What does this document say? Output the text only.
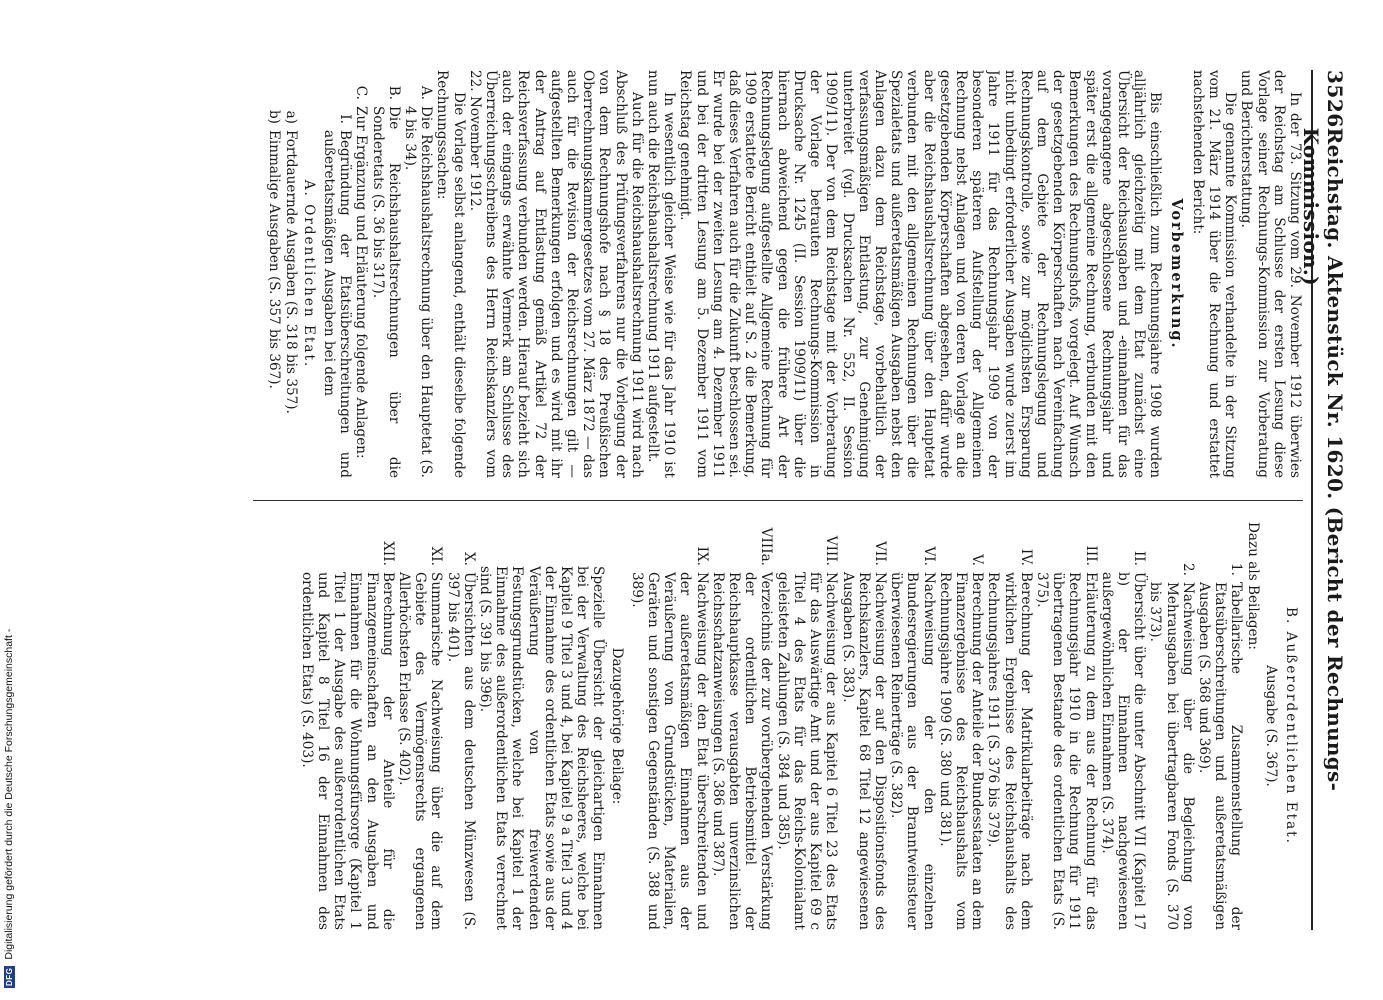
3526
Reichstag. Aktenstück Nr. 1620. (Bericht der Rechnungs-Kommission.)

In der 73. Sitzung vom 29. November 1912 überwies der Reichstag am Schlusse der ersten Lesung diese Vorlage seiner Rechnungs-Kommission zur Vorberatung und Berichterstattung.

Die genannte Kommission verhandelte in der Sitzung vom 21. März 1914 über die Rechnung und erstattet nachstehenden Bericht:

Vorbemerkung.

Bis einschließlich zum Rechnungsjahre 1908 wurden alljährlich gleichzeitig mit dem Etat zunächst eine Übersicht der Reichsausgaben und -einnahmen für das vorangegangene abgeschlossene Rechnungsjahr und später erst die allgemeine Rechnung, verbunden mit den Bemerkungen des Rechnungshofs, vorgelegt. Auf Wunsch der gesetzgebenden Körperschaften nach Vereinfachung auf dem Gebiete der Rechnungslegung und Rechnungskontrolle, sowie zur möglichsten Ersparung nicht unbedingt erforderlicher Ausgaben wurde zuerst im Jahre 1911 für das Rechnungsjahr 1909 von der besonderen späteren Aufstellung der Allgemeinen Rechnung nebst Anlagen und von deren Vorlage an die gesetzgebenden Körperschaften abgesehen, dafür wurde aber die Reichshaushaltsrechnung über den Hauptetat verbunden mit den allgemeinen Rechnungen über die Spezialetats und außeretatsmäßigen Ausgaben nebst den Anlagen dazu dem Reichstage, vorbehaltlich der verfassungsmäßigen Entlastung, zur Genehmigung unterbreitet (vgl. Drucksachen Nr. 552, II. Session 1909/11). Der von dem Reichstage mit der Vorberatung der Vorlage betrauten Rechnungs-Kommission in Drucksache Nr. 1245 (II. Session 1909/11) über die hiernach abweichend gegen die frühere Art der Rechnungslegung aufgestellte Allgemeine Rechnung für 1909 erstattete Bericht enthielt auf S. 2 die Bemerkung, daß dieses Verfahren auch für die Zukunft beschlossen sei. Er wurde bei der zweiten Lesung am 4. Dezember 1911 und bei der dritten Lesung am 5. Dezember 1911 vom Reichstag genehmigt.

In wesentlich gleicher Weise wie für das Jahr 1910 ist nun auch die Reichshaushaltsrechnung 1911 aufgestellt.

Auch für die Reichshaushaltsrechnung 1911 wird nach Abschluß des Prüfungsverfahrens nur die Vorlegung der von dem Rechnungshofe nach § 18 des Preußischen Oberrechnungskammergesetzes vom 27. März 1872 — das auch für die Revision der Reichsrechnungen gilt — aufgestellten Bemerkungen erfolgen und es wird mit ihr der Antrag auf Entlastung gemäß Artikel 72 der Reichsverfassung verbunden werden. Hierauf bezieht sich auch der eingangs erwähnte Vermerk am Schlusse des Überreichungsschreibens des Herrn Reichskanzlers vom 22. November 1912.

Die Vorlage selbst anlangend, enthält dieselbe folgende Rechnungssachen:

A.
Die Reichshaushaltsrechnung über den Hauptetat (S. 4 bis 34).
B.
Die Reichshaushaltsrechnungen über die Sonderetats (S. 36 bis 317).
C.
Zur Ergänzung und Erläuterung folgende Anlagen:
I.
Begründung der Etatsüberschreitungen und außeretatsmäßigen Ausgaben bei dem

A. Ordentlichen Etat.

a)
Fortdauernde Ausgaben (S. 318 bis 357).
b)
Einmalige Ausgaben (S. 357 bis 367).

B. Außerordentlichen Etat.

Ausgabe (S. 367).

Dazu als Beilagen:

1.
Tabellarische Zusammenstellung der Etatsüberschreitungen und außeretatsmäßigen Ausgaben (S. 368 und 369).
2.
Nachweisung über die Begleichung von Mehrausgaben bei übertragbaren Fonds (S. 370 bis 373).
II.
Übersicht über die unter Abschnitt VII (Kapitel 17 b) der Einnahmen nachgewiesenen außergewöhnlichen Einnahmen (S. 374).
III.
Erläuterung zu dem aus der Rechnung für das Rechnungsjahr 1910 in die Rechnung für 1911 übertragenen Bestande des ordentlichen Etats (S. 375).
IV.
Berechnung der Matrikularbeiträge nach dem wirklichen Ergebnisse des Reichshaushalts des Rechnungsjahres 1911 (S. 376 bis 379).
V.
Berechnung der Anteile der Bundesstaaten an dem Finanzergebnisse des Reichshaushalts vom Rechnungsjahre 1909 (S. 380 und 381).
VI.
Nachweisung der den einzelnen Bundesregierungen aus der Branntweinsteuer überwiesenen Reinerträge (S. 382).
VII.
Nachweisung der auf den Dispositionsfonds des Reichskanzlers, Kapitel 68 Titel 12 angewiesenen Ausgaben (S. 383).
VIII.
Nachweisung der aus Kapitel 6 Titel 23 des Etats für das Auswärtige Amt und der aus Kapitel 69 c Titel 4 des Etats für das Reichs-Kolonialamt geleisteten Zahlungen (S. 384 und 385).
VIIIa.
Verzeichnis der zur vorübergehenden Verstärkung der ordentlichen Betriebsmittel der Reichshauptkasse verausgabten unverzinslichen Reichsschatzanweisungen (S. 386 und 387).
IX.
Nachweisung der den Etat überschreitenden und der außeretatsmäßigen Einnahmen aus der Veräußerung von Grundstücken, Materialien, Geräten und sonstigen Gegenständen (S. 388 und 389).

Dazugehörige Beilage:

Spezielle Übersicht der gleichartigen Einnahmen bei der Verwaltung des Reichsheeres, welche bei Kapitel 9 Titel 3 und 4, bei Kapitel 9 a Titel 3 und 4 der Einnahme des ordentlichen Etats sowie aus der Veräußerung von freiwerdenden Festungsgrundstücken, welche bei Kapitel 1 der Einnahme des außerordentlichen Etats verrechnet sind (S. 391 bis 396).

X.
Übersichten aus dem deutschen Münzwesen (S. 397 bis 401).
XI.
Summarische Nachweisung über die auf dem Gebiete des Vermögensrechts ergangenen Allerhöchsten Erlasse (S. 402).
XII.
Berechnung der Anteile für die Finanzgemeinschaften an den Ausgaben und Einnahmen für die Wohnungsfürsorge (Kapitel 1 Titel 1 der Ausgabe des außerordentlichen Etats und Kapitel 8 Titel 16 der Einnahmen des ordentlichen Etats) (S. 403).
DFG
Digitalisierung gefördert durch die Deutsche Forschungsgemeinschaft -
